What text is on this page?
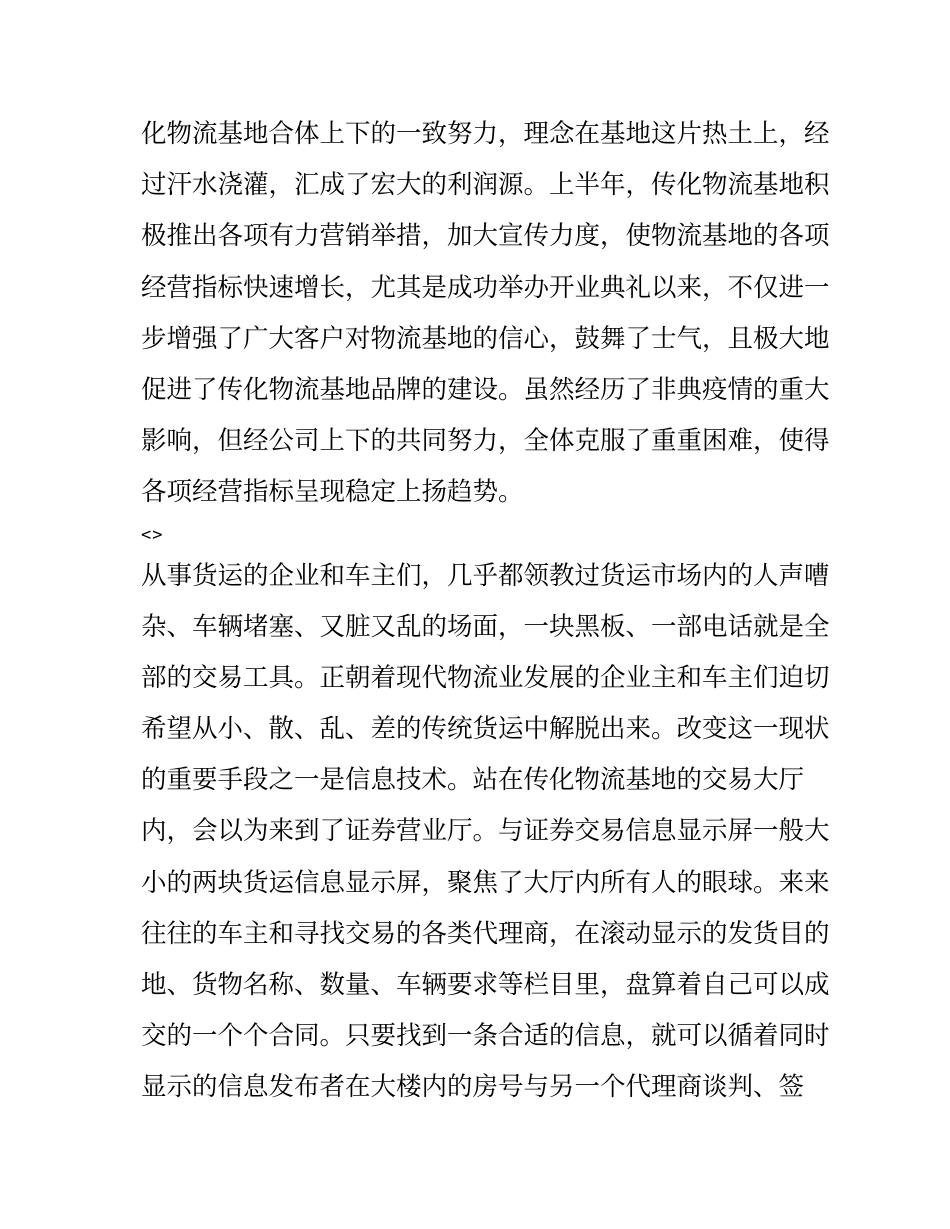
化物流基地合体上下的一致努力，理念在基地这片热土上，经
过汗水浇灌，汇成了宏大的利润源。上半年，传化物流基地积
极推出各项有力营销举措，加大宣传力度，使物流基地的各项
经营指标快速增长，尤其是成功举办开业典礼以来，不仅进一
步增强了广大客户对物流基地的信心，鼓舞了士气，且极大地
促进了传化物流基地品牌的建设。虽然经历了非典疫情的重大
影响，但经公司上下的共同努力，全体克服了重重困难，使得
各项经营指标呈现稳定上扬趋势。
<>
从事货运的企业和车主们，几乎都领教过货运市场内的人声嘈
杂、车辆堵塞、又脏又乱的场面，一块黑板、一部电话就是全
部的交易工具。正朝着现代物流业发展的企业主和车主们迫切
希望从小、散、乱、差的传统货运中解脱出来。改变这一现状
的重要手段之一是信息技术。站在传化物流基地的交易大厅
内，会以为来到了证券营业厅。与证券交易信息显示屏一般大
小的两块货运信息显示屏，聚焦了大厅内所有人的眼球。来来
往往的车主和寻找交易的各类代理商，在滚动显示的发货目的
地、货物名称、数量、车辆要求等栏目里，盘算着自己可以成
交的一个个合同。只要找到一条合适的信息，就可以循着同时
显示的信息发布者在大楼内的房号与另一个代理商谈判、签
